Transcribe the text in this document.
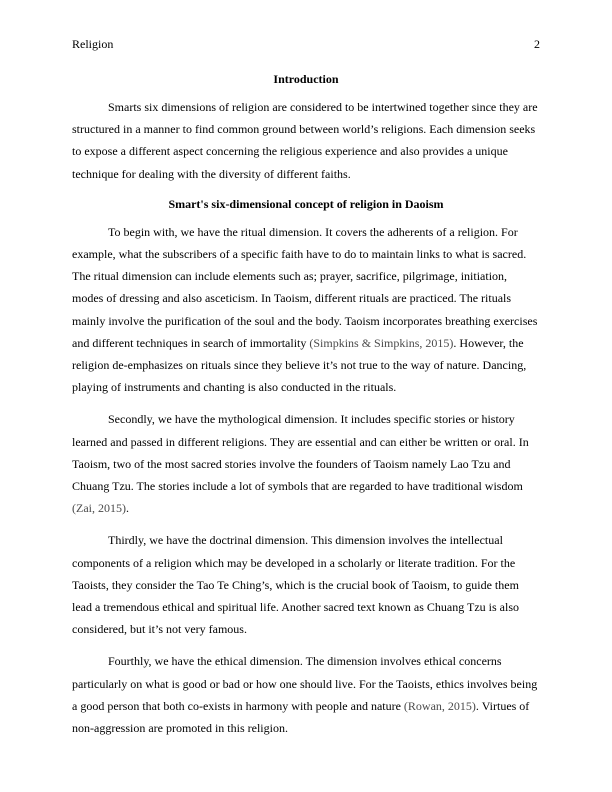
Religion	2
Introduction

Smarts six dimensions of religion are considered to be intertwined together since they are structured in a manner to find common ground between world’s religions. Each dimension seeks to expose a different aspect concerning the religious experience and also provides a unique technique for dealing with the diversity of different faiths.

Smart's six-dimensional concept of religion in Daoism

To begin with, we have the ritual dimension. It covers the adherents of a religion. For example, what the subscribers of a specific faith have to do to maintain links to what is sacred. The ritual dimension can include elements such as; prayer, sacrifice, pilgrimage, initiation, modes of dressing and also asceticism. In Taoism, different rituals are practiced. The rituals mainly involve the purification of the soul and the body. Taoism incorporates breathing exercises and different techniques in search of immortality (Simpkins & Simpkins, 2015). However, the religion de-emphasizes on rituals since they believe it’s not true to the way of nature. Dancing, playing of instruments and chanting is also conducted in the rituals.

Secondly, we have the mythological dimension. It includes specific stories or history learned and passed in different religions. They are essential and can either be written or oral. In Taoism, two of the most sacred stories involve the founders of Taoism namely Lao Tzu and Chuang Tzu. The stories include a lot of symbols that are regarded to have traditional wisdom (Zai, 2015).

Thirdly, we have the doctrinal dimension. This dimension involves the intellectual components of a religion which may be developed in a scholarly or literate tradition. For the Taoists, they consider the Tao Te Ching’s, which is the crucial book of Taoism, to guide them lead a tremendous ethical and spiritual life. Another sacred text known as Chuang Tzu is also considered, but it’s not very famous.

Fourthly, we have the ethical dimension. The dimension involves ethical concerns particularly on what is good or bad or how one should live. For the Taoists, ethics involves being a good person that both co-exists in harmony with people and nature (Rowan, 2015). Virtues of non-aggression are promoted in this religion.
